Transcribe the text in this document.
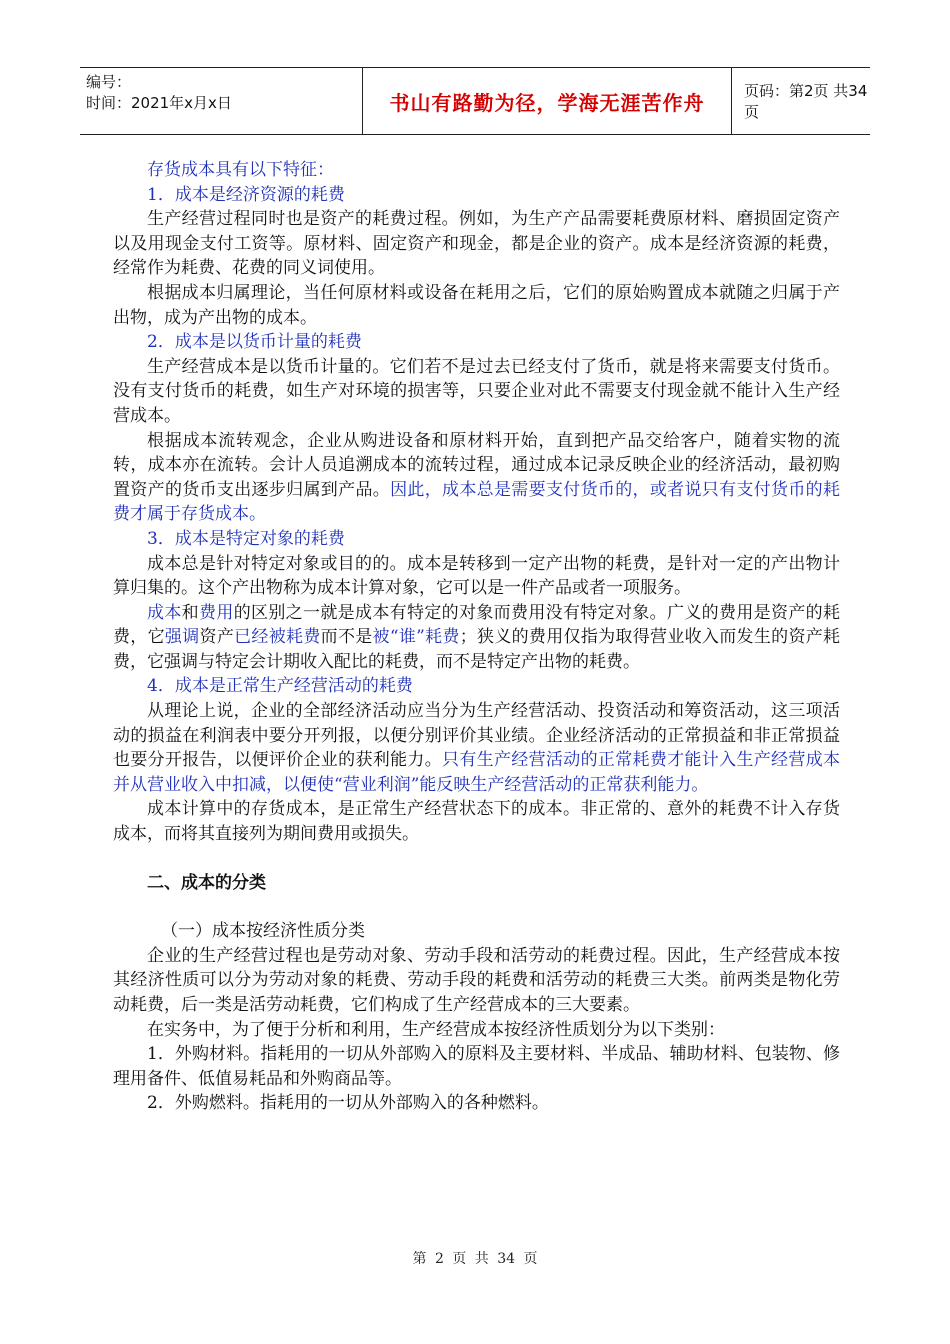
编号：
时间：2021年x月x日	书山有路勤为径，学海无涯苦作舟	页码：第2页 共34页

存货成本具有以下特征：

1．成本是经济资源的耗费

生产经营过程同时也是资产的耗费过程。例如，为生产产品需要耗费原材料、磨损固定资产以及用现金支付工资等。原材料、固定资产和现金，都是企业的资产。成本是经济资源的耗费，经常作为耗费、花费的同义词使用。

根据成本归属理论，当任何原材料或设备在耗用之后，它们的原始购置成本就随之归属于产出物，成为产出物的成本。

2．成本是以货币计量的耗费

生产经营成本是以货币计量的。它们若不是过去已经支付了货币，就是将来需要支付货币。没有支付货币的耗费，如生产对环境的损害等，只要企业对此不需要支付现金就不能计入生产经营成本。

根据成本流转观念，企业从购进设备和原材料开始，直到把产品交给客户，随着实物的流转，成本亦在流转。会计人员追溯成本的流转过程，通过成本记录反映企业的经济活动，最初购置资产的货币支出逐步归属到产品。因此，成本总是需要支付货币的，或者说只有支付货币的耗费才属于存货成本。

3．成本是特定对象的耗费

成本总是针对特定对象或目的的。成本是转移到一定产出物的耗费，是针对一定的产出物计算归集的。这个产出物称为成本计算对象，它可以是一件产品或者一项服务。

成本和费用的区别之一就是成本有特定的对象而费用没有特定对象。广义的费用是资产的耗费，它强调资产已经被耗费而不是被“谁”耗费；狭义的费用仅指为取得营业收入而发生的资产耗费，它强调与特定会计期收入配比的耗费，而不是特定产出物的耗费。

4．成本是正常生产经营活动的耗费

从理论上说，企业的全部经济活动应当分为生产经营活动、投资活动和筹资活动，这三项活动的损益在利润表中要分开列报，以便分别评价其业绩。企业经济活动的正常损益和非正常损益也要分开报告，以便评价企业的获利能力。只有生产经营活动的正常耗费才能计入生产经营成本并从营业收入中扣减，以便使“营业利润”能反映生产经营活动的正常获利能力。

成本计算中的存货成本，是正常生产经营状态下的成本。非正常的、意外的耗费不计入存货成本，而将其直接列为期间费用或损失。

二、成本的分类

（一）成本按经济性质分类

企业的生产经营过程也是劳动对象、劳动手段和活劳动的耗费过程。因此，生产经营成本按其经济性质可以分为劳动对象的耗费、劳动手段的耗费和活劳动的耗费三大类。前两类是物化劳动耗费，后一类是活劳动耗费，它们构成了生产经营成本的三大要素。

在实务中，为了便于分析和利用，生产经营成本按经济性质划分为以下类别：

1．外购材料。指耗用的一切从外部购入的原料及主要材料、半成品、辅助材料、包装物、修理用备件、低值易耗品和外购商品等。

2．外购燃料。指耗用的一切从外部购入的各种燃料。

第 2 页 共 34 页
